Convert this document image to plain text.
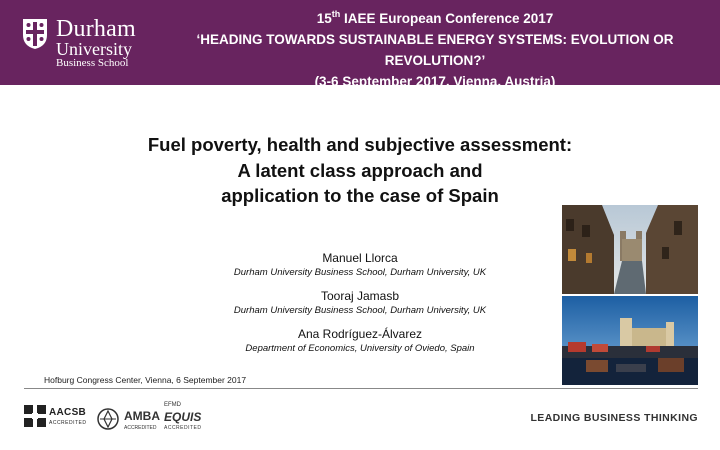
Durham
University
Business School
15th IAEE European Conference 2017
‘HEADING TOWARDS SUSTAINABLE ENERGY SYSTEMS: EVOLUTION OR REVOLUTION?’
(3-6 September 2017, Vienna, Austria)
Fuel poverty, health and subjective assessment:
A latent class approach and
application to the case of Spain
Manuel Llorca
Durham University Business School, Durham University, UK
Tooraj Jamasb
Durham University Business School, Durham University, UK
Ana Rodríguez-Álvarez
Department of Economics, University of Oviedo, Spain
Hofburg Congress Center, Vienna, 6 September 2017
AACSB
ACCREDITED	AMBA
ACCREDITED
EFMD
EQUIS
ACCREDITED
LEADING BUSINESS THINKING
